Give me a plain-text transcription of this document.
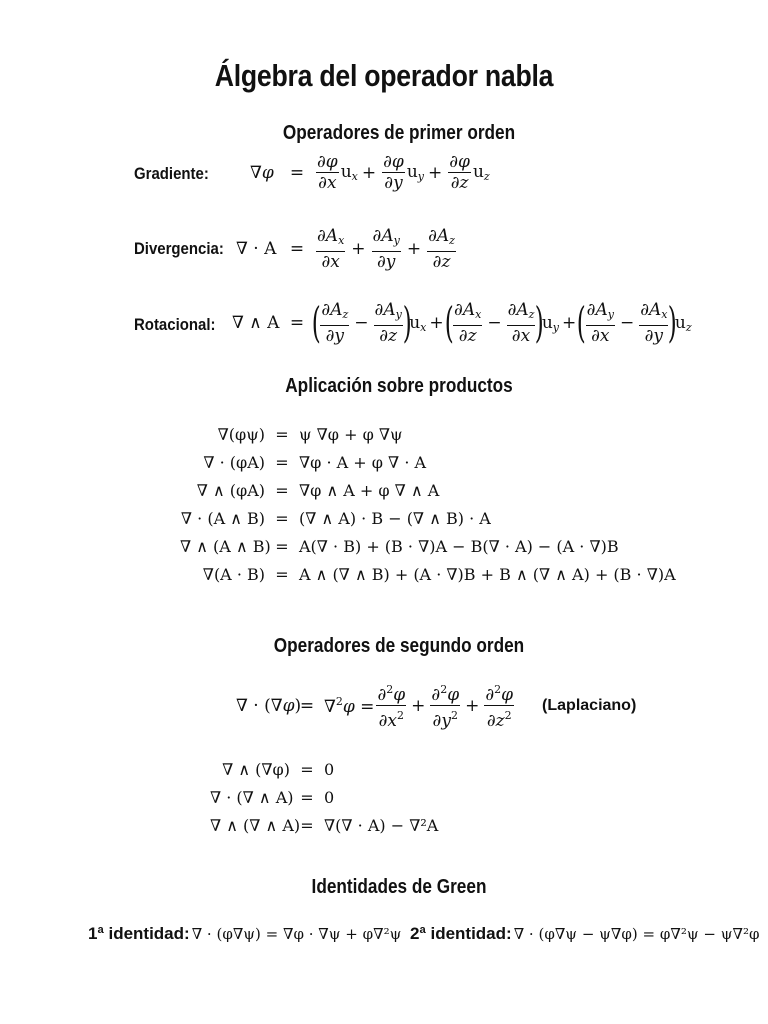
Álgebra del operador nabla
Operadores de primer orden
Gradiente: $\nabla\varphi = \frac{\partial\varphi}{\partial x} u_x + \frac{\partial\varphi}{\partial y} u_y + \frac{\partial\varphi}{\partial z} u_z$
Divergencia: ∇ · $A = \frac{\partial A_x}{\partial x} + \frac{\partial A_y}{\partial y} + \frac{\partial A_z}{\partial z}$
Rotacional: ∇ ∧ A = ( $\frac{\partial A_z}{\partial y} - \frac{\partial A_y}{\partial z}$ )
$u_x$ + ( $\frac{\partial A_x}{\partial z} - \frac{\partial A_z}{\partial x}$ )
$u_y$ + ( $\frac{\partial A_y}{\partial x} - \frac{\partial A_x}{\partial y}$ )
$u_z$
Aplicación sobre productos
∇(φψ) = ψ ∇φ + φ ∇ψ
∇ · (φA) = ∇φ · A + φ ∇ · A
∇ ∧ (φA) = ∇φ ∧ A + φ ∇ ∧ A
∇ · (A ∧ B) = (∇ ∧ A) · B − (∇ ∧ B) · A
∇ ∧ (A ∧ B) = A(∇ · B) + (B · ∇)A − B(∇ · A) − (A · ∇)B
∇(A · B) = A ∧ (∇ ∧ B) + (A · ∇)B + B ∧ (∇ ∧ A) + (B · ∇)A
Operadores de segundo orden
∇ · (∇φ)
= $\nabla^2\varphi = \frac{\partial^2\varphi}{\partial x^2} + \frac{\partial^2\varphi}{\partial y^2} + \frac{\partial^2\varphi}{\partial z^2}$ (Laplaciano)
∇ ∧ (∇φ) = 0
∇ · (∇ ∧ A) = 0
∇ ∧ (∇ ∧ A) = ∇(∇ · A) − ∇²A
Identidades de Green
1ª identidad: ∇ · (φ∇ψ) = ∇φ · ∇ψ + φ∇²ψ 2ª identidad: ∇ · (φ∇ψ − ψ∇φ) = φ∇²ψ − ψ∇²φ
